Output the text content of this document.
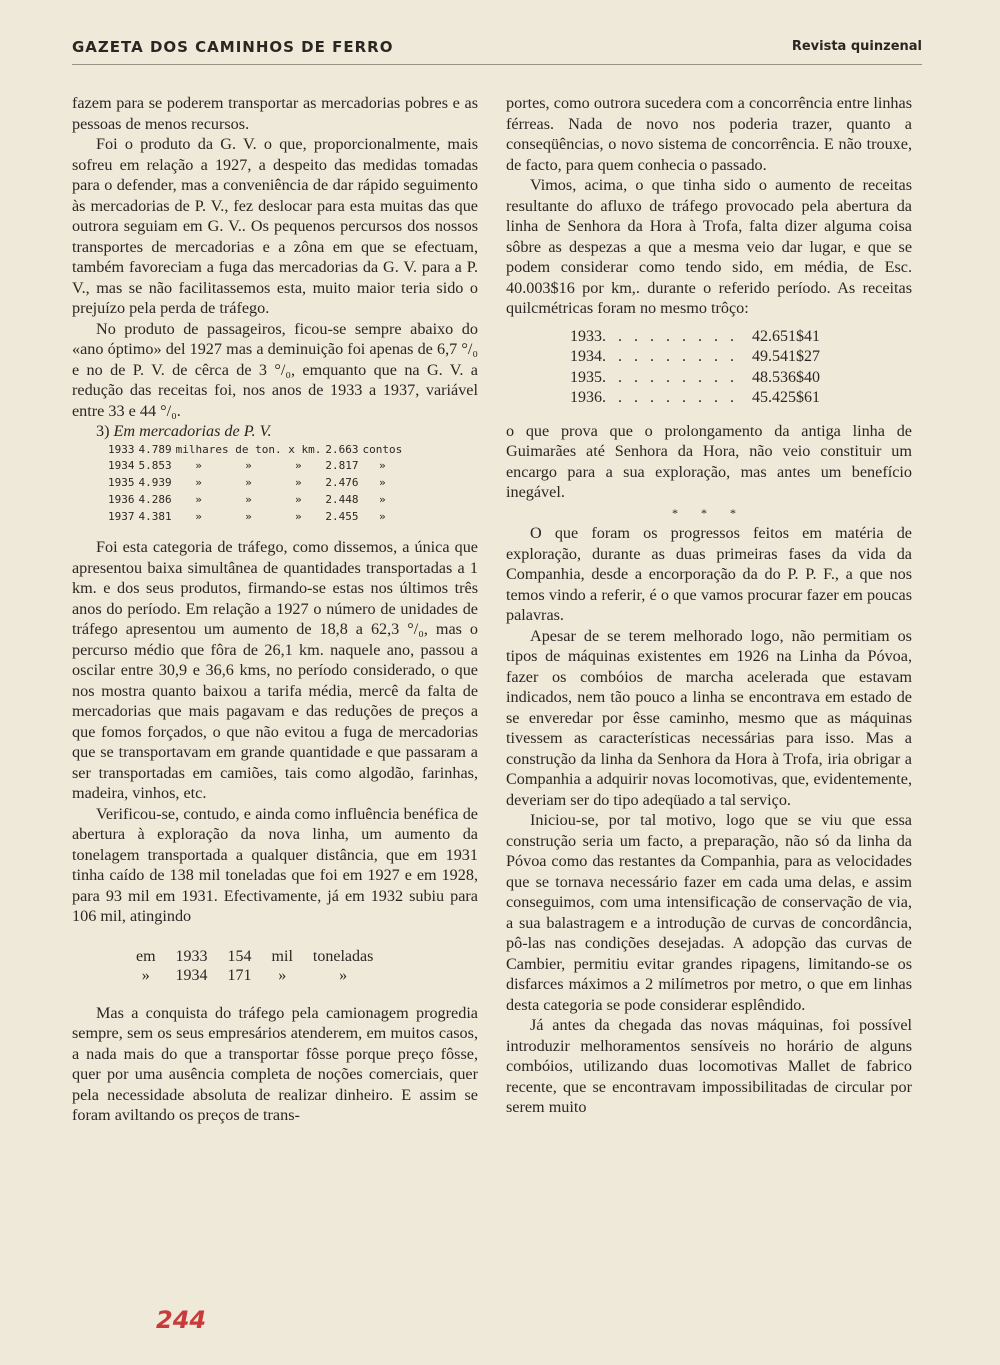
GAZETA DOS CAMINHOS DE FERRO	Revista quinzenal

fazem para se poderem transportar as mercadorias pobres e as pessoas de menos recursos.

Foi o produto da G. V. o que, proporcionalmente, mais sofreu em relação a 1927, a despeito das medidas tomadas para o defender, mas a conveniência de dar rápido seguimento às mercadorias de P. V., fez deslocar para esta muitas das que outrora seguiam em G. V.. Os pequenos percursos dos nossos transportes de mercadorias e a zôna em que se efectuam, também favoreciam a fuga das mercadorias da G. V. para a P. V., mas se não facilitassemos esta, muito maior teria sido o prejuízo pela perda de tráfego.

No produto de passageiros, ficou-se sempre abaixo do «ano óptimo» del 1927 mas a deminuição foi apenas de 6,7 °/₀ e no de P. V. de cêrca de 3 °/₀, emquanto que na G. V. a redução das receitas foi, nos anos de 1933 a 1937, variável entre 33 e 44 °/₀.

3) Em mercadorias de P. V.

1933	4.789	milhares de ton. x km.			2.663	contos
1934	5.853	»	»	»	2.817	»
1935	4.939	»	»	»	2.476	»
1936	4.286	»	»	»	2.448	»
1937	4.381	»	»	»	2.455	»

Foi esta categoria de tráfego, como dissemos, a única que apresentou baixa simultânea de quantidades transportadas a 1 km. e dos seus produtos, firmando-se estas nos últimos três anos do período. Em relação a 1927 o número de unidades de tráfego apresentou um aumento de 18,8 a 62,3 °/₀, mas o percurso médio que fôra de 26,1 km. naquele ano, passou a oscilar entre 30,9 e 36,6 kms, no período considerado, o que nos mostra quanto baixou a tarifa média, mercê da falta de mercadorias que mais pagavam e das reduções de preços a que fomos forçados, o que não evitou a fuga de mercadorias que se transportavam em grande quantidade e que passaram a ser transportadas em camiões, tais como algodão, farinhas, madeira, vinhos, etc.

Verificou-se, contudo, e ainda como influência benéfica de abertura à exploração da nova linha, um aumento da tonelagem transportada a qualquer distância, que em 1931 tinha caído de 138 mil toneladas que foi em 1927 e em 1928, para 93 mil em 1931. Efectivamente, já em 1932 subiu para 106 mil, atingindo

em	1933	154	mil	toneladas
»	1934	171	»	»

Mas a conquista do tráfego pela camionagem progredia sempre, sem os seus empresários atenderem, em muitos casos, a nada mais do que a transportar fôsse porque preço fôsse, quer por uma ausência completa de noções comerciais, quer pela necessidade absoluta de realizar dinheiro. E assim se foram aviltando os preços de trans-

portes, como outrora sucedera com a concorrência entre linhas férreas. Nada de novo nos poderia trazer, quanto a conseqüências, o novo sistema de concorrência. E não trouxe, de facto, para quem conhecia o passado.

Vimos, acima, o que tinha sido o aumento de receitas resultante do afluxo de tráfego provocado pela abertura da linha de Senhora da Hora à Trofa, falta dizer alguma coisa sôbre as despezas a que a mesma veio dar lugar, e que se podem considerar como tendo sido, em média, de Esc. 40.003$16 por km,. durante o referido período. As receitas quilcmétricas foram no mesmo trôço:

1933	. . . . . . . . .	42.651$41
1934	. . . . . . . . .	49.541$27
1935	. . . . . . . . .	48.536$40
1936	. . . . . . . . .	45.425$61

o que prova que o prolongamento da antiga linha de Guimarães até Senhora da Hora, não veio constituir um encargo para a sua exploração, mas antes um benefício inegável.

* * *

O que foram os progressos feitos em matéria de exploração, durante as duas primeiras fases da vida da Companhia, desde a encorporação da do P. P. F., a que nos temos vindo a referir, é o que vamos procurar fazer em poucas palavras.

Apesar de se terem melhorado logo, não permitiam os tipos de máquinas existentes em 1926 na Linha da Póvoa, fazer os combóios de marcha acelerada que estavam indicados, nem tão pouco a linha se encontrava em estado de se enveredar por êsse caminho, mesmo que as máquinas tivessem as características necessárias para isso. Mas a construção da linha da Senhora da Hora à Trofa, iria obrigar a Companhia a adquirir novas locomotivas, que, evidentemente, deveriam ser do tipo adeqüado a tal serviço.

Iniciou-se, por tal motivo, logo que se viu que essa construção seria um facto, a preparação, não só da linha da Póvoa como das restantes da Companhia, para as velocidades que se tornava necessário fazer em cada uma delas, e assim conseguimos, com uma intensificação de conservação de via, a sua balastragem e a introdução de curvas de concordância, pô-las nas condições desejadas. A adopção das curvas de Cambier, permitiu evitar grandes ripagens, limitando-se os disfarces máximos a 2 milímetros por metro, o que em linhas desta categoria se pode considerar esplêndido.

Já antes da chegada das novas máquinas, foi possível introduzir melhoramentos sensíveis no horário de alguns combóios, utilizando duas locomotivas Mallet de fabrico recente, que se encontravam impossibilitadas de circular por serem muito

244
